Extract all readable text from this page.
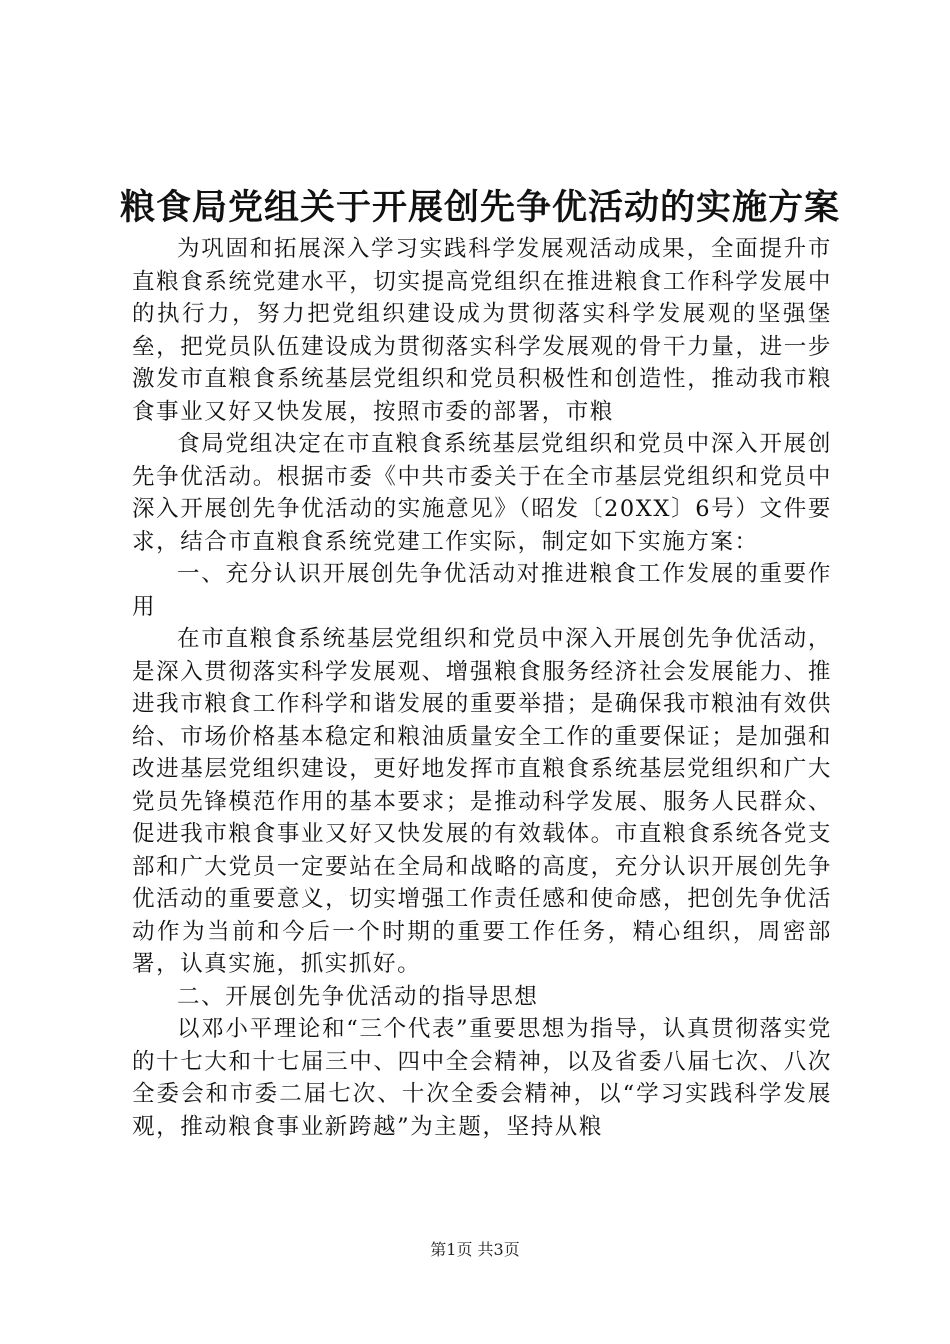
粮食局党组关于开展创先争优活动的实施方案

为巩固和拓展深入学习实践科学发展观活动成果，全面提升市直粮食系统党建水平，切实提高党组织在推进粮食工作科学发展中的执行力，努力把党组织建设成为贯彻落实科学发展观的坚强堡垒，把党员队伍建设成为贯彻落实科学发展观的骨干力量，进一步激发市直粮食系统基层党组织和党员积极性和创造性，推动我市粮食事业又好又快发展，按照市委的部署，市粮

食局党组决定在市直粮食系统基层党组织和党员中深入开展创先争优活动。根据市委《中共市委关于在全市基层党组织和党员中深入开展创先争优活动的实施意见》（昭发〔20XX〕6号）文件要求，结合市直粮食系统党建工作实际，制定如下实施方案：

一、充分认识开展创先争优活动对推进粮食工作发展的重要作用

在市直粮食系统基层党组织和党员中深入开展创先争优活动，是深入贯彻落实科学发展观、增强粮食服务经济社会发展能力、推进我市粮食工作科学和谐发展的重要举措；是确保我市粮油有效供给、市场价格基本稳定和粮油质量安全工作的重要保证；是加强和改进基层党组织建设，更好地发挥市直粮食系统基层党组织和广大党员先锋模范作用的基本要求；是推动科学发展、服务人民群众、促进我市粮食事业又好又快发展的有效载体。市直粮食系统各党支部和广大党员一定要站在全局和战略的高度，充分认识开展创先争优活动的重要意义，切实增强工作责任感和使命感，把创先争优活动作为当前和今后一个时期的重要工作任务，精心组织，周密部署，认真实施，抓实抓好。

二、开展创先争优活动的指导思想

以邓小平理论和“三个代表”重要思想为指导，认真贯彻落实党的十七大和十七届三中、四中全会精神，以及省委八届七次、八次全委会和市委二届七次、十次全委会精神，以“学习实践科学发展观，推动粮食事业新跨越”为主题，坚持从粮

第1页 共3页
